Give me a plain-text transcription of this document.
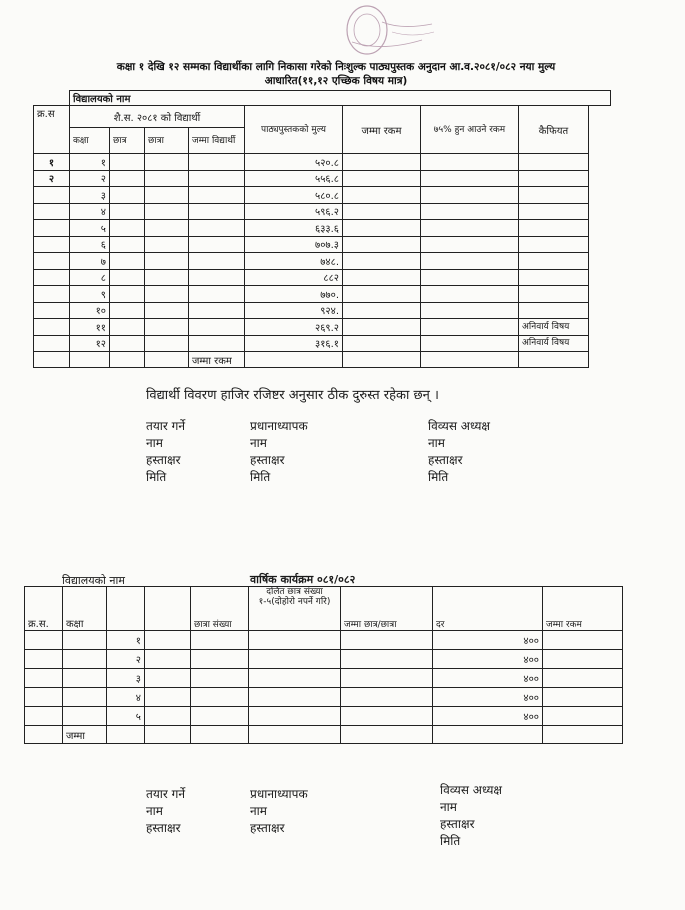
कक्षा १ देखि १२ सम्मका विद्यार्थीका लागि निकासा गरेको निःशुल्क पाठ्यपुस्तक अनुदान आ.व.२०८१/०८२ नया मुल्य
आधारित(११,१२ एच्छिक विषय मात्र)
	विद्यालयको नाम								
क्र.स	शै.स. २०८१ को विद्यार्थी				पाठ्यपुस्तकको मुल्य	जम्मा रकम	७५% हुन आउने रकम	कैफियत	
	कक्षा	छात्र	छात्रा	जम्मा विद्यार्थी					
१	१				५२०.८				
२	२				५५६.८				
	३				५८०.८				
	४				५९६.२				
	५				६३३.६				
	६				७०७.३				
	७				७४८.				
	८				८८२				
	९				७७०.				
	१०				९२४.				
	११				२६९.२			अनिवार्य विषय	
	१२				३१६.१			अनिवार्य विषय	
				जम्मा रकम					
विद्यार्थी विवरण हाजिर रजिष्टर अनुसार ठीक दुरुस्त रहेका छन् ।
तयार गर्ने
नाम
हस्ताक्षर
मिति
प्रधानाध्यापक
नाम
हस्ताक्षर
मिति
विव्यस अध्यक्ष
नाम
हस्ताक्षर
मिति
विद्यालयको नाम	वार्षिक कार्यक्रम ०८१/०८२
क्र.स.	कक्षा			छात्रा संख्या	दलित छात्र संख्या १-५(दोहोरो नपर्ने गरि)	जम्मा छात्र/छात्रा	दर	जम्मा रकम
		१					४००	
		२					४००	
		३					४००	
		४					४००	
		५					४००	
	जम्मा							
तयार गर्ने
नाम
हस्ताक्षर
प्रधानाध्यापक
नाम
हस्ताक्षर
विव्यस अध्यक्ष
नाम
हस्ताक्षर
मिति
